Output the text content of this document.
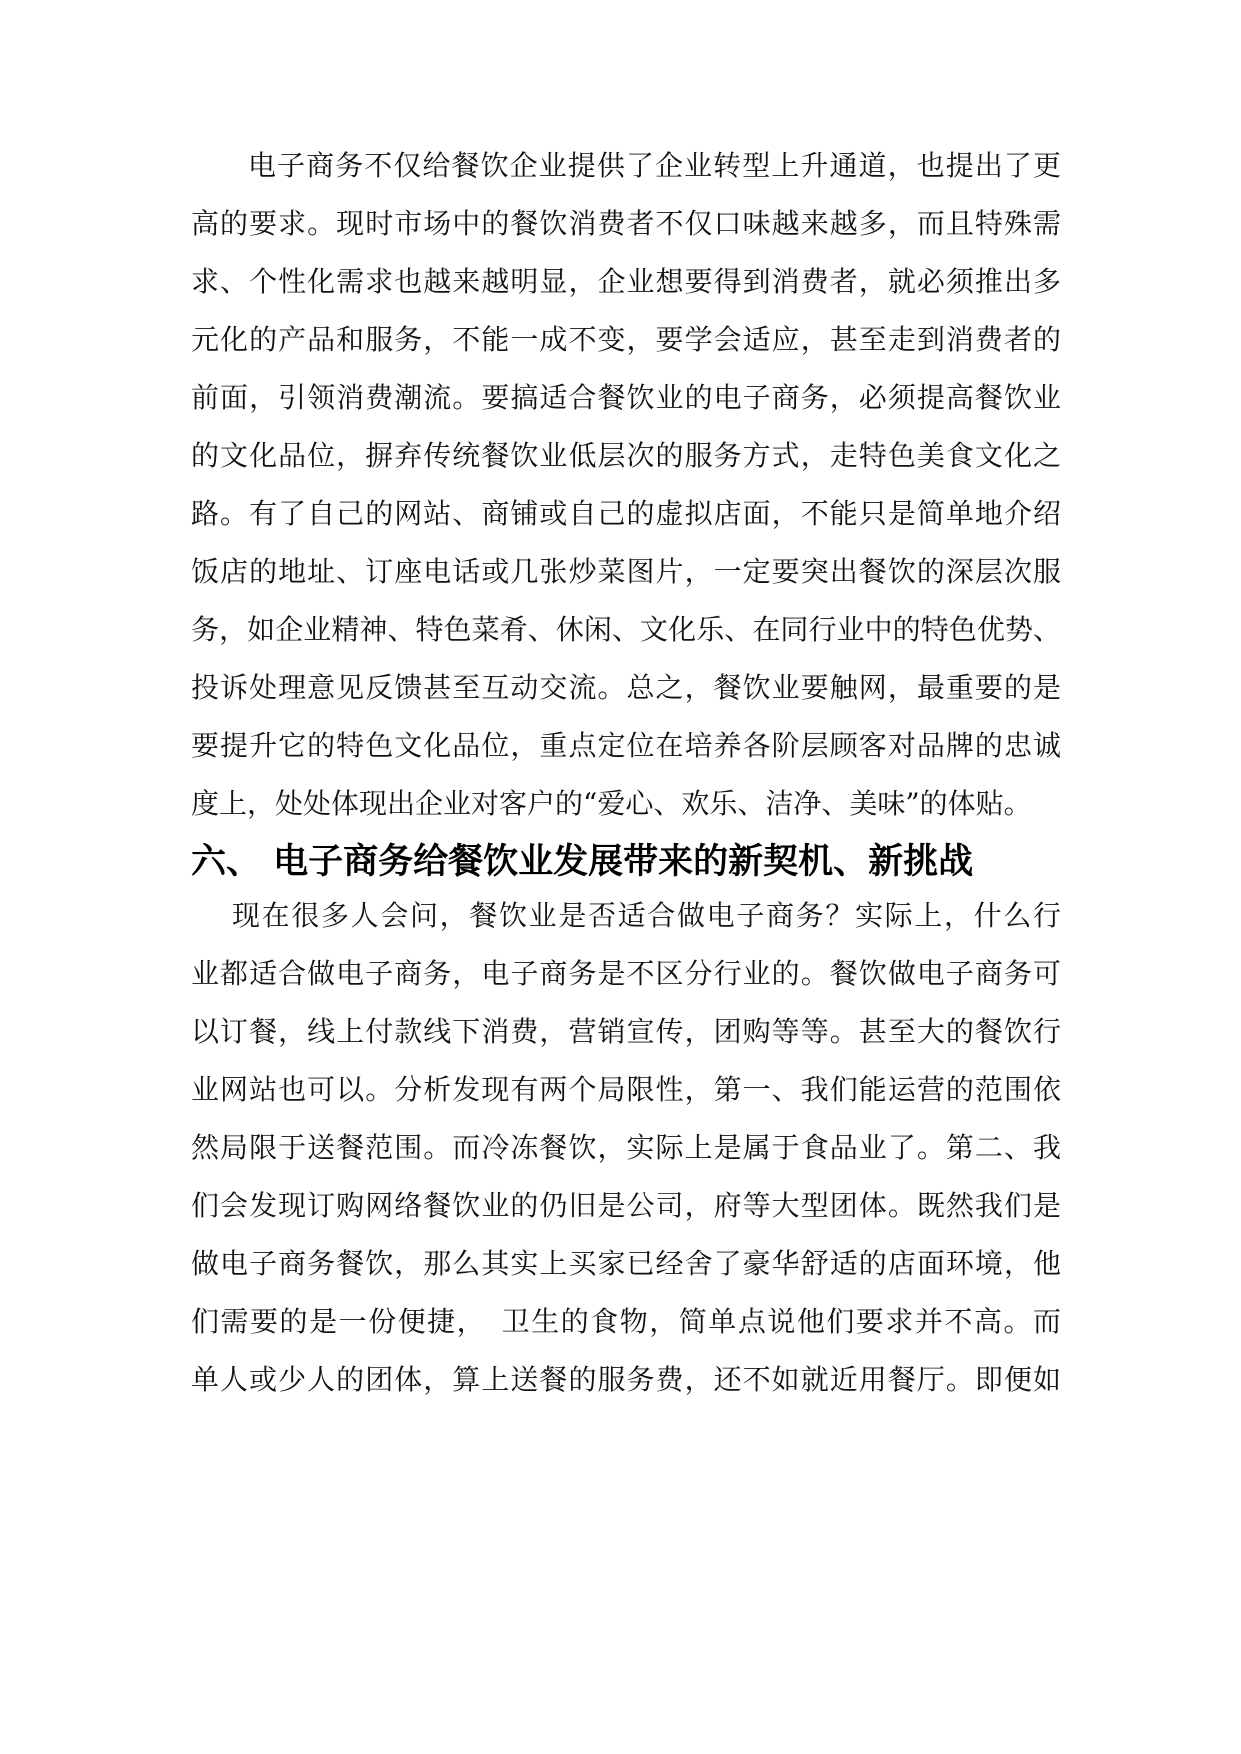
电子商务不仅给餐饮企业提供了企业转型上升通道，也提出了更

高的要求。现时市场中的餐饮消费者不仅口味越来越多，而且特殊需

求、个性化需求也越来越明显，企业想要得到消费者，就必须推出多

元化的产品和服务，不能一成不变，要学会适应，甚至走到消费者的

前面，引领消费潮流。要搞适合餐饮业的电子商务，必须提高餐饮业

的文化品位，摒弃传统餐饮业低层次的服务方式，走特色美食文化之

路。有了自己的网站、商铺或自己的虚拟店面，不能只是简单地介绍

饭店的地址、订座电话或几张炒菜图片，一定要突出餐饮的深层次服

务，如企业精神、特色菜肴、休闲、文化乐、在同行业中的特色优势、

投诉处理意见反馈甚至互动交流。总之，餐饮业要触网，最重要的是

要提升它的特色文化品位，重点定位在培养各阶层顾客对品牌的忠诚

度上，处处体现出企业对客户的“爱心、欢乐、洁净、美味”的体贴。

六、 电子商务给餐饮业发展带来的新契机、新挑战

现在很多人会问，餐饮业是否适合做电子商务？实际上，什么行

业都适合做电子商务，电子商务是不区分行业的。餐饮做电子商务可

以订餐，线上付款线下消费，营销宣传，团购等等。甚至大的餐饮行

业网站也可以。分析发现有两个局限性，第一、我们能运营的范围依

然局限于送餐范围。而冷冻餐饮，实际上是属于食品业了。第二、我

们会发现订购网络餐饮业的仍旧是公司，府等大型团体。既然我们是

做电子商务餐饮，那么其实上买家已经舍了豪华舒适的店面环境，他

们需要的是一份便捷，　卫生的食物，简单点说他们要求并不高。而

单人或少人的团体，算上送餐的服务费，还不如就近用餐厅。即便如
